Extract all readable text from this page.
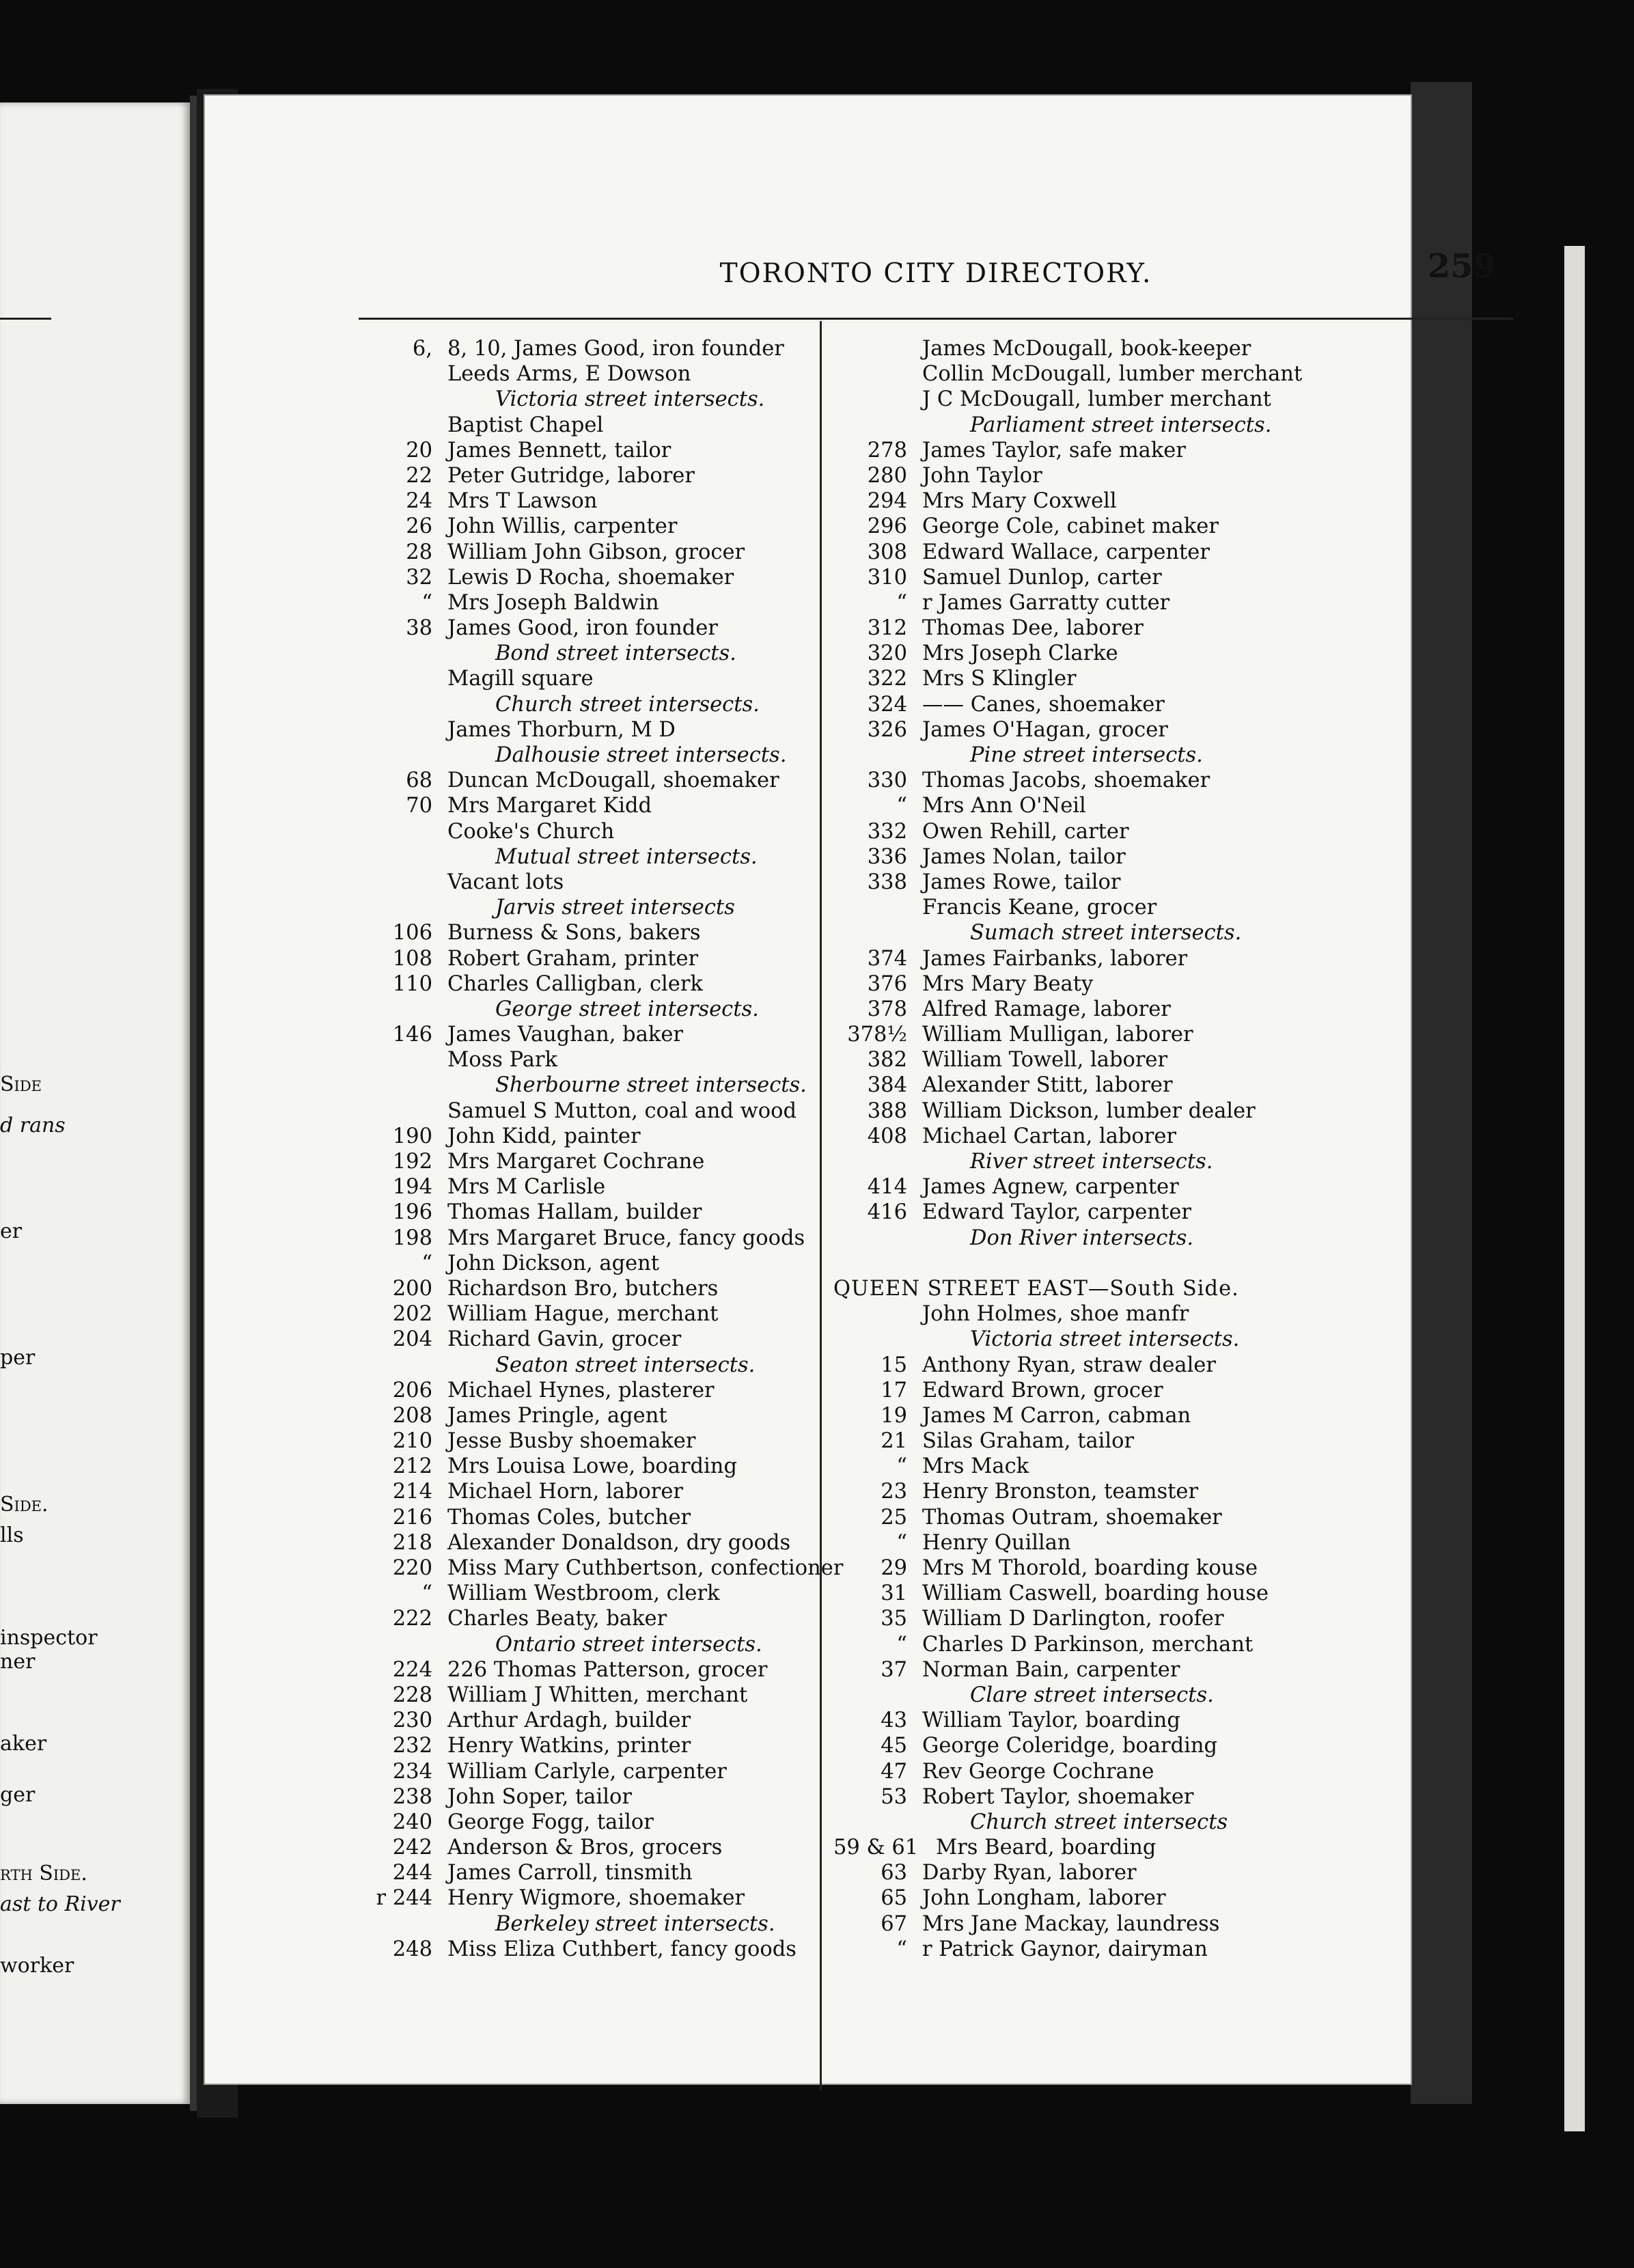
Side
d rans
er
per
Side.
lls
inspector
ner
aker
ger
rth Side.
ast to River
worker
TORONTO CITY DIRECTORY.	259
6, 8, 10, James Good, iron founder
Leeds Arms, E Dowson
Victoria street intersects.
Baptist Chapel
20 James Bennett, tailor
22 Peter Gutridge, laborer
24 Mrs T Lawson
26 John Willis, carpenter
28 William John Gibson, grocer
32 Lewis D Rocha, shoemaker
“ Mrs Joseph Baldwin
38 James Good, iron founder
Bond street intersects.
Magill square
Church street intersects.
James Thorburn, M D
Dalhousie street intersects.
68 Duncan McDougall, shoemaker
70 Mrs Margaret Kidd
Cooke's Church
Mutual street intersects.
Vacant lots
Jarvis street intersects
106 Burness & Sons, bakers
108 Robert Graham, printer
110 Charles Calligban, clerk
George street intersects.
146 James Vaughan, baker
Moss Park
Sherbourne street intersects.
Samuel S Mutton, coal and wood
190 John Kidd, painter
192 Mrs Margaret Cochrane
194 Mrs M Carlisle
196 Thomas Hallam, builder
198 Mrs Margaret Bruce, fancy goods
“ John Dickson, agent
200 Richardson Bro, butchers
202 William Hague, merchant
204 Richard Gavin, grocer
Seaton street intersects.
206 Michael Hynes, plasterer
208 James Pringle, agent
210 Jesse Busby shoemaker
212 Mrs Louisa Lowe, boarding
214 Michael Horn, laborer
216 Thomas Coles, butcher
218 Alexander Donaldson, dry goods
220 Miss Mary Cuthbertson, confectioner
“ William Westbroom, clerk
222 Charles Beaty, baker
Ontario street intersects.
224 226 Thomas Patterson, grocer
228 William J Whitten, merchant
230 Arthur Ardagh, builder
232 Henry Watkins, printer
234 William Carlyle, carpenter
238 John Soper, tailor
240 George Fogg, tailor
242 Anderson & Bros, grocers
244 James Carroll, tinsmith
r 244 Henry Wigmore, shoemaker
Berkeley street intersects.
248 Miss Eliza Cuthbert, fancy goods
James McDougall, book-keeper
Collin McDougall, lumber merchant
J C McDougall, lumber merchant
Parliament street intersects.
278 James Taylor, safe maker
280 John Taylor
294 Mrs Mary Coxwell
296 George Cole, cabinet maker
308 Edward Wallace, carpenter
310 Samuel Dunlop, carter
“ r James Garratty cutter
312 Thomas Dee, laborer
320 Mrs Joseph Clarke
322 Mrs S Klingler
324 —— Canes, shoemaker
326 James O'Hagan, grocer
Pine street intersects.
330 Thomas Jacobs, shoemaker
“ Mrs Ann O'Neil
332 Owen Rehill, carter
336 James Nolan, tailor
338 James Rowe, tailor
Francis Keane, grocer
Sumach street intersects.
374 James Fairbanks, laborer
376 Mrs Mary Beaty
378 Alfred Ramage, laborer
378½ William Mulligan, laborer
382 William Towell, laborer
384 Alexander Stitt, laborer
388 William Dickson, lumber dealer
408 Michael Cartan, laborer
River street intersects.
414 James Agnew, carpenter
416 Edward Taylor, carpenter
Don River intersects.
QUEEN STREET EAST—South Side.
John Holmes, shoe manfr
Victoria street intersects.
15 Anthony Ryan, straw dealer
17 Edward Brown, grocer
19 James M Carron, cabman
21 Silas Graham, tailor
“ Mrs Mack
23 Henry Bronston, teamster
25 Thomas Outram, shoemaker
“ Henry Quillan
29 Mrs M Thorold, boarding kouse
31 William Caswell, boarding house
35 William D Darlington, roofer
“ Charles D Parkinson, merchant
37 Norman Bain, carpenter
Clare street intersects.
43 William Taylor, boarding
45 George Coleridge, boarding
47 Rev George Cochrane
53 Robert Taylor, shoemaker
Church street intersects
59 & 61 Mrs Beard, boarding
63 Darby Ryan, laborer
65 John Longham, laborer
67 Mrs Jane Mackay, laundress
“ r Patrick Gaynor, dairyman
